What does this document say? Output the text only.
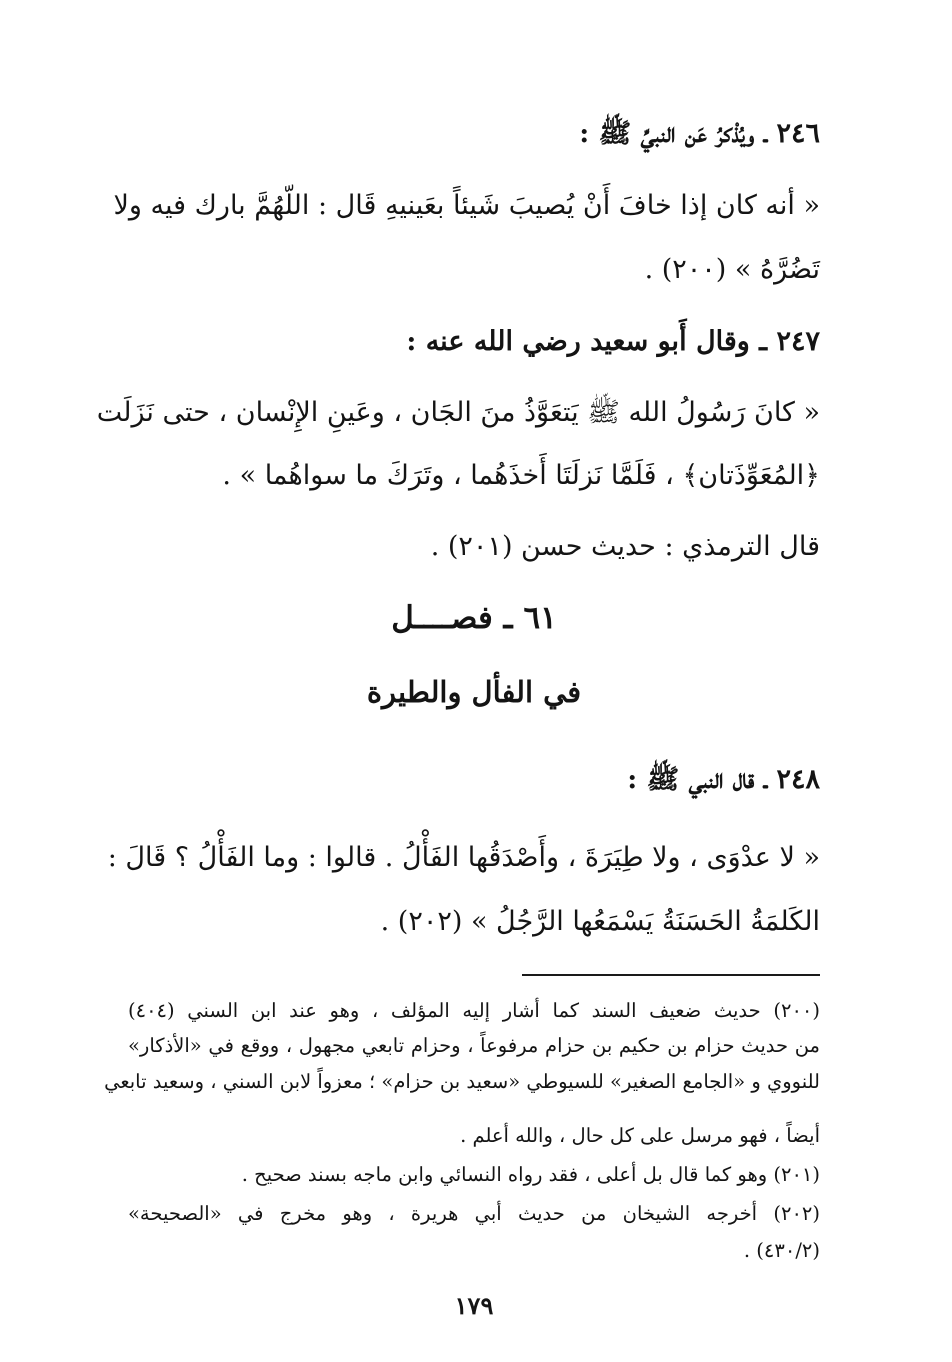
٢٤٦ ـ ويُذْكرُ عَن النبيِّ ﷺ :
« أنه كان إذا خافَ أَنْ يُصيبَ شَيئاً بعَينيهِ قَال : اللّهُمَّ بارك فيه ولا
تَضُرَّهُ » (٢٠٠) .
٢٤٧ ـ وقال أَبو سعيد رضي الله عنه :
« كانَ رَسُولُ الله ﷺ يَتعَوَّذُ منَ الجَان ، وعَينِ الإِنْسان ، حتى نَزَلَت
﴿المُعَوِّذَتان﴾ ، فَلَمَّا نَزلَتَا أَخذَهُما ، وتَرَكَ ما سواهُما » .
قال الترمذي : حديث حسن (٢٠١) .
٦١ ـ فصــــل
في الفأل والطيرة
٢٤٨ ـ قال النبي ﷺ :
« لا عدْوَى ، ولا طِيَرَةَ ، وأَصْدَقُها الفَأْلُ . قالوا : وما الفَأْلُ ؟ قَالَ :
الكَلمَةُ الحَسَنَةُ يَسْمَعُها الرَّجُلُ » (٢٠٢) .
(٢٠٠) حديث ضعيف السند كما أشار إليه المؤلف ، وهو عند ابن السني (٤٠٤)
من حديث حزام بن حكيم بن حزام مرفوعاً ، وحزام تابعي مجهول ، ووقع في «الأذكار»
للنووي و «الجامع الصغير» للسيوطي «سعيد بن حزام» ؛ معزواً لابن السني ، وسعيد تابعي
أيضاً ، فهو مرسل على كل حال ، والله أعلم .
(٢٠١) وهو كما قال بل أعلى ، فقد رواه النسائي وابن ماجه بسند صحيح .
(٢٠٢) أخرجه الشيخان من حديث أبي هريرة ، وهو مخرج في «الصحيحة»
(٤٣٠/٢) .
١٧٩
